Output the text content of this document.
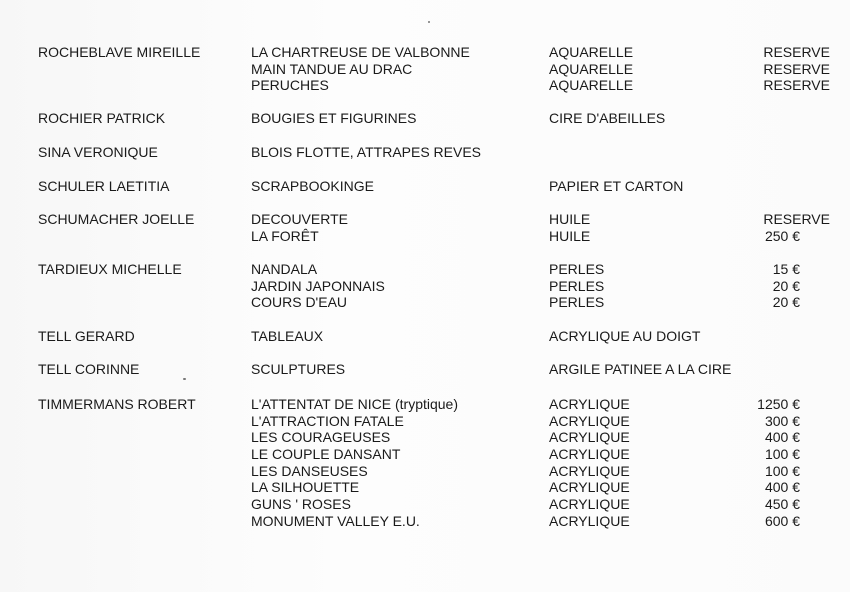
ROCHEBLAVE MIREILLE	LA CHARTREUSE DE VALBONNE	AQUARELLE	RESERVE
MAIN TANDUE AU DRAC	AQUARELLE	RESERVE
PERUCHES	AQUARELLE	RESERVE
ROCHIER PATRICK	BOUGIES ET FIGURINES	CIRE D'ABEILLES
SINA VERONIQUE	BLOIS FLOTTE, ATTRAPES REVES
SCHULER LAETITIA	SCRAPBOOKINGE	PAPIER ET CARTON
SCHUMACHER JOELLE	DECOUVERTE	HUILE	RESERVE
LA FORÊT	HUILE	250 €
TARDIEUX MICHELLE	NANDALA	PERLES	15 €
JARDIN JAPONNAIS	PERLES	20 €
COURS D'EAU	PERLES	20 €
TELL GERARD	TABLEAUX	ACRYLIQUE AU DOIGT
TELL CORINNE	SCULPTURES	ARGILE PATINEE A LA CIRE
TIMMERMANS ROBERT	L'ATTENTAT DE NICE (tryptique)	ACRYLIQUE	1250 €
L'ATTRACTION FATALE	ACRYLIQUE	300 €
LES COURAGEUSES	ACRYLIQUE	400 €
LE COUPLE DANSANT	ACRYLIQUE	100 €
LES DANSEUSES	ACRYLIQUE	100 €
LA SILHOUETTE	ACRYLIQUE	400 €
GUNS ' ROSES	ACRYLIQUE	450 €
MONUMENT VALLEY E.U.	ACRYLIQUE	600 €
